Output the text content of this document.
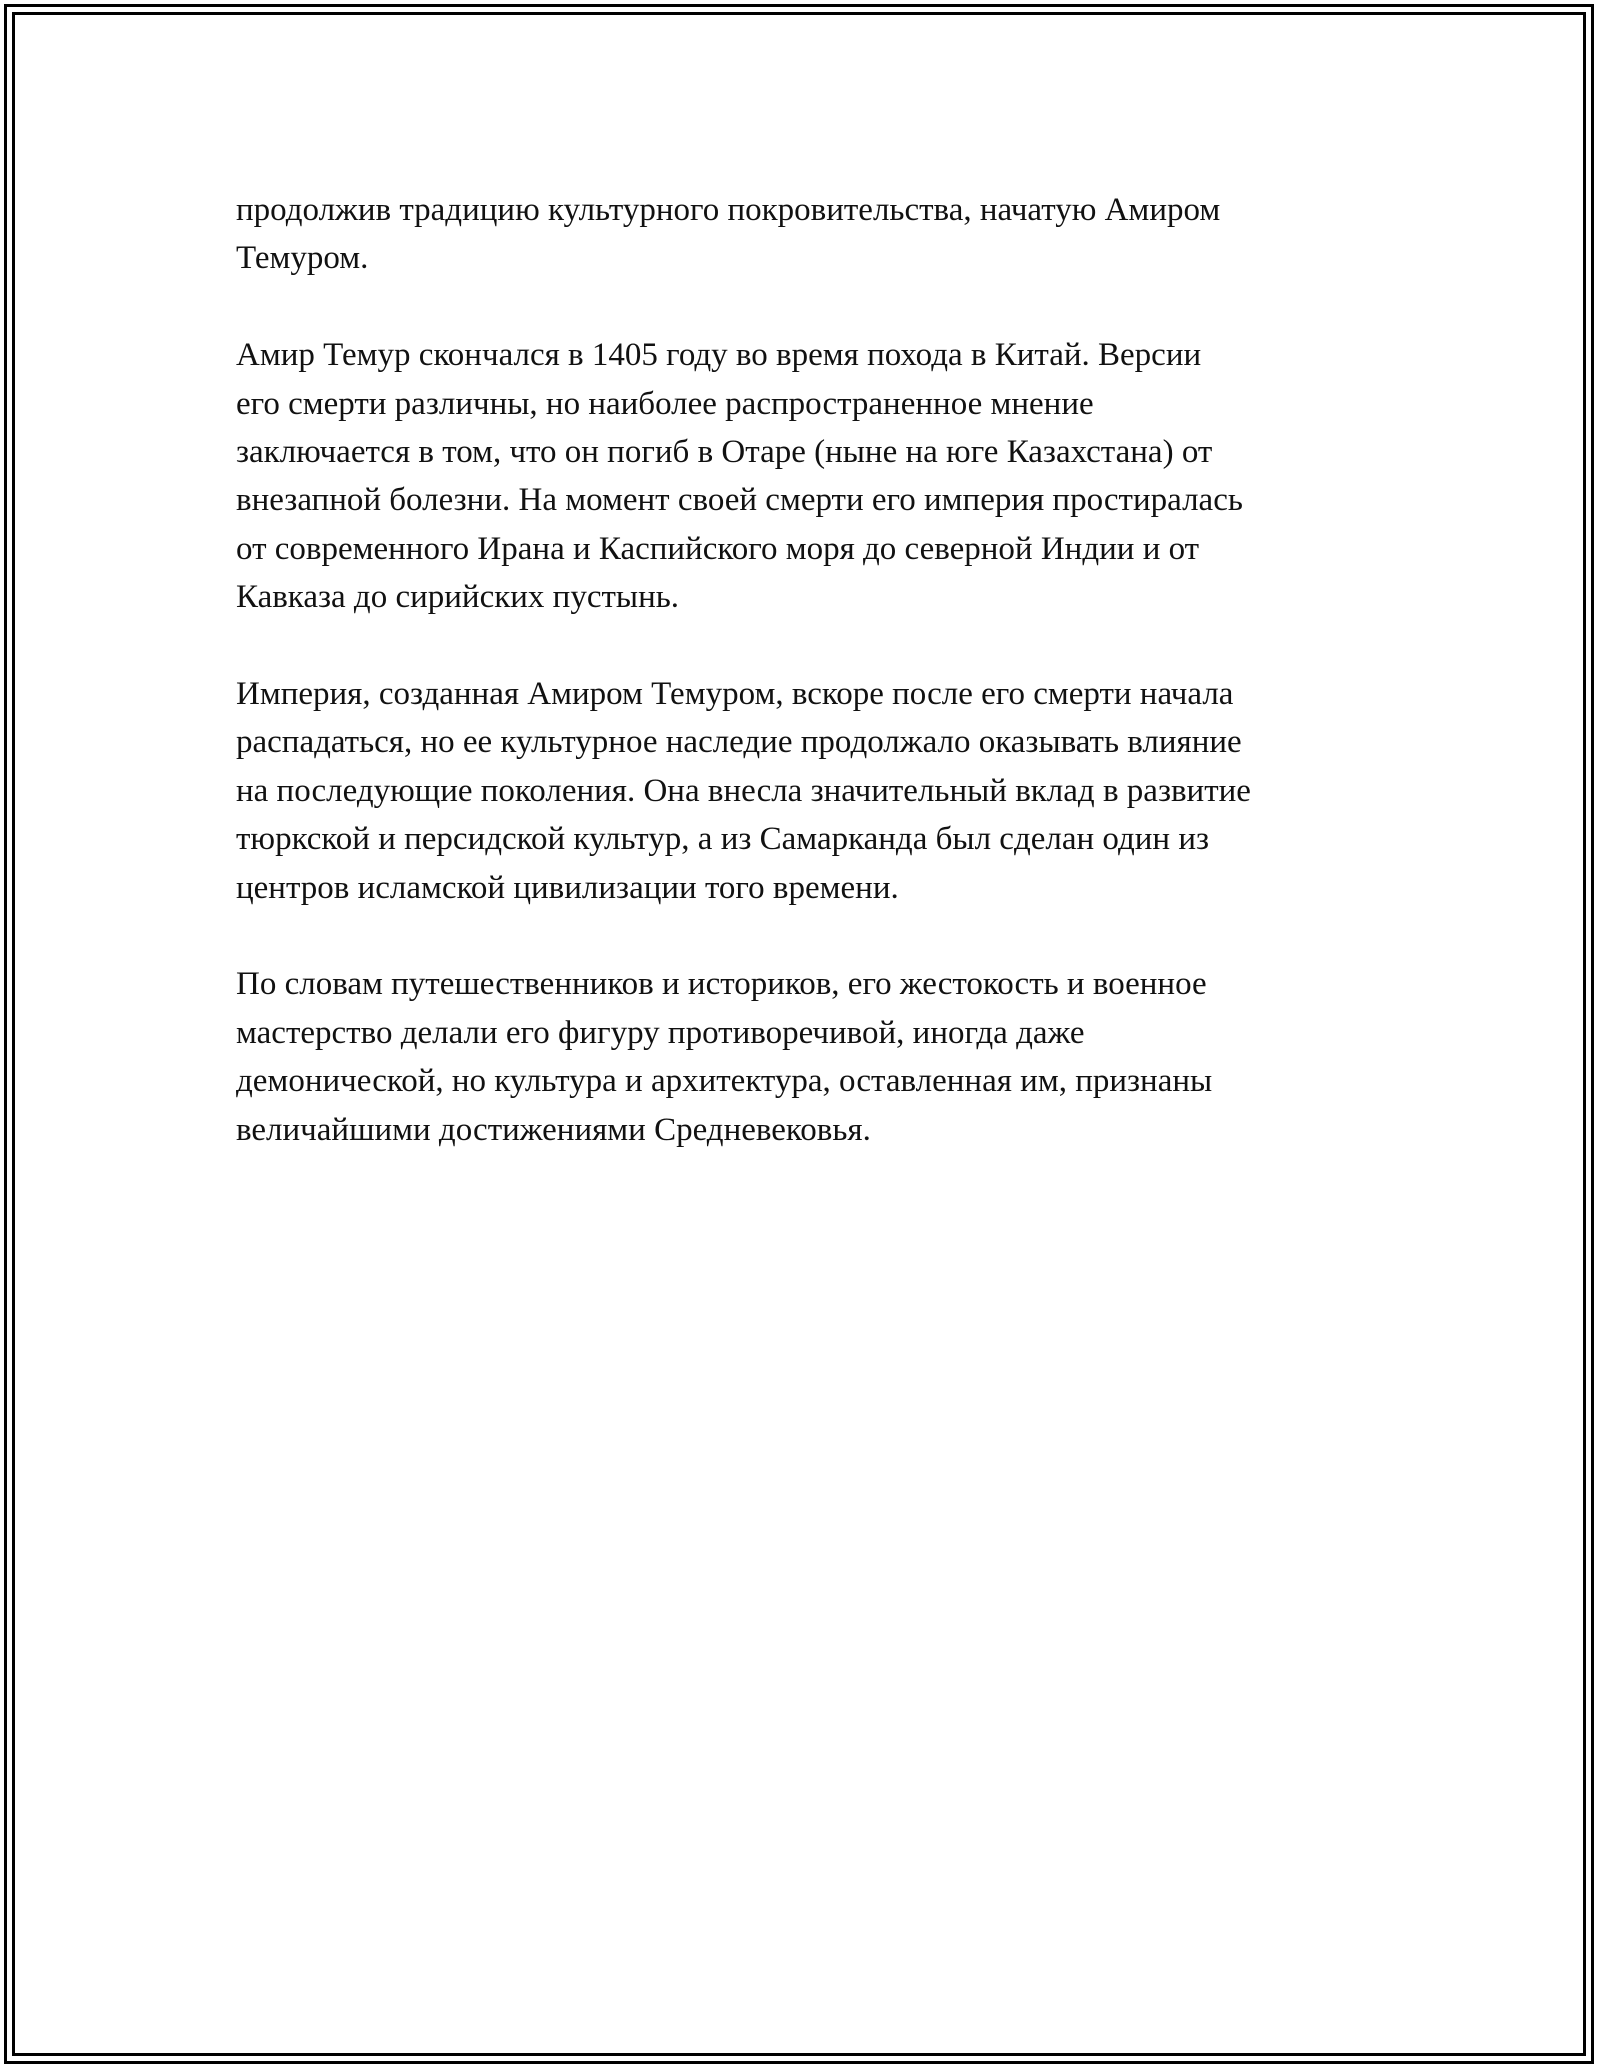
продолжив традицию культурного покровительства, начатую Амиром
Темуром.

Амир Темур скончался в 1405 году во время похода в Китай. Версии
его смерти различны, но наиболее распространенное мнение
заключается в том, что он погиб в Отаре (ныне на юге Казахстана) от
внезапной болезни. На момент своей смерти его империя простиралась
от современного Ирана и Каспийского моря до северной Индии и от
Кавказа до сирийских пустынь.

Империя, созданная Амиром Темуром, вскоре после его смерти начала
распадаться, но ее культурное наследие продолжало оказывать влияние
на последующие поколения. Она внесла значительный вклад в развитие
тюркской и персидской культур, а из Самарканда был сделан один из
центров исламской цивилизации того времени.

По словам путешественников и историков, его жестокость и военное
мастерство делали его фигуру противоречивой, иногда даже
демонической, но культура и архитектура, оставленная им, признаны
величайшими достижениями Средневековья.
